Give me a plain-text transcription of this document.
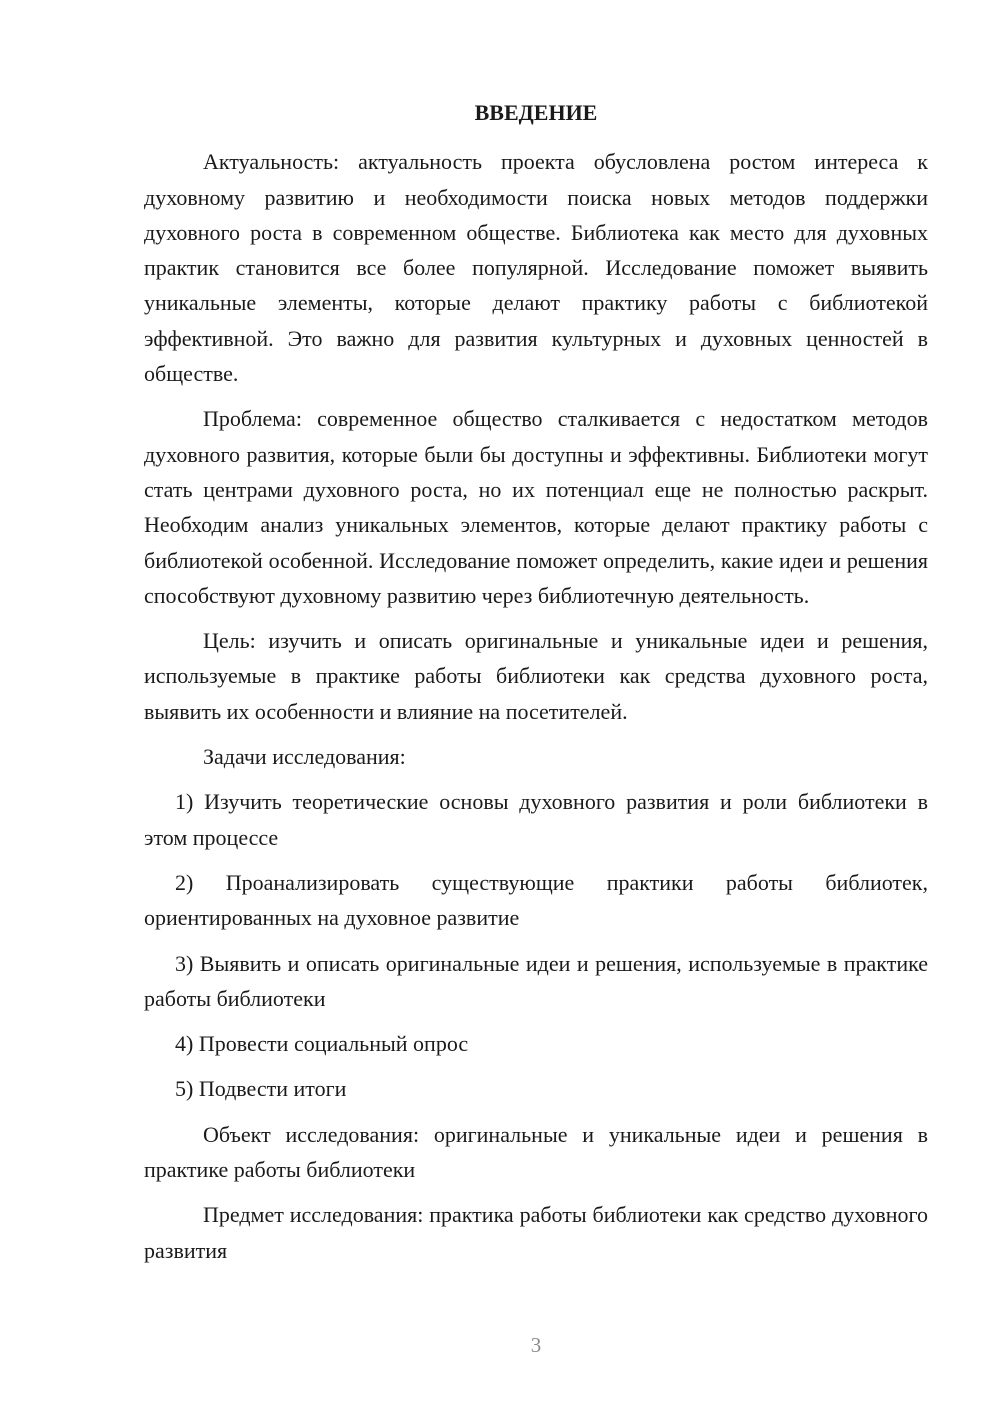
ВВЕДЕНИЕ

Актуальность: актуальность проекта обусловлена ростом интереса к духовному развитию и необходимости поиска новых методов поддержки духовного роста в современном обществе. Библиотека как место для духовных практик становится все более популярной. Исследование поможет выявить уникальные элементы, которые делают практику работы с библиотекой эффективной. Это важно для развития культурных и духовных ценностей в обществе.

Проблема: современное общество сталкивается с недостатком методов духовного развития, которые были бы доступны и эффективны. Библиотеки могут стать центрами духовного роста, но их потенциал еще не полностью раскрыт. Необходим анализ уникальных элементов, которые делают практику работы с библиотекой особенной. Исследование поможет определить, какие идеи и решения способствуют духовному развитию через библиотечную деятельность.

Цель: изучить и описать оригинальные и уникальные идеи и решения, используемые в практике работы библиотеки как средства духовного роста, выявить их особенности и влияние на посетителей.

Задачи исследования:

1) Изучить теоретические основы духовного развития и роли библиотеки в этом процессе

2) Проанализировать существующие практики работы библиотек, ориентированных на духовное развитие

3) Выявить и описать оригинальные идеи и решения, используемые в практике работы библиотеки

4) Провести социальный опрос

5) Подвести итоги

Объект исследования: оригинальные и уникальные идеи и решения в практике работы библиотеки

Предмет исследования: практика работы библиотеки как средство духовного развития

3
